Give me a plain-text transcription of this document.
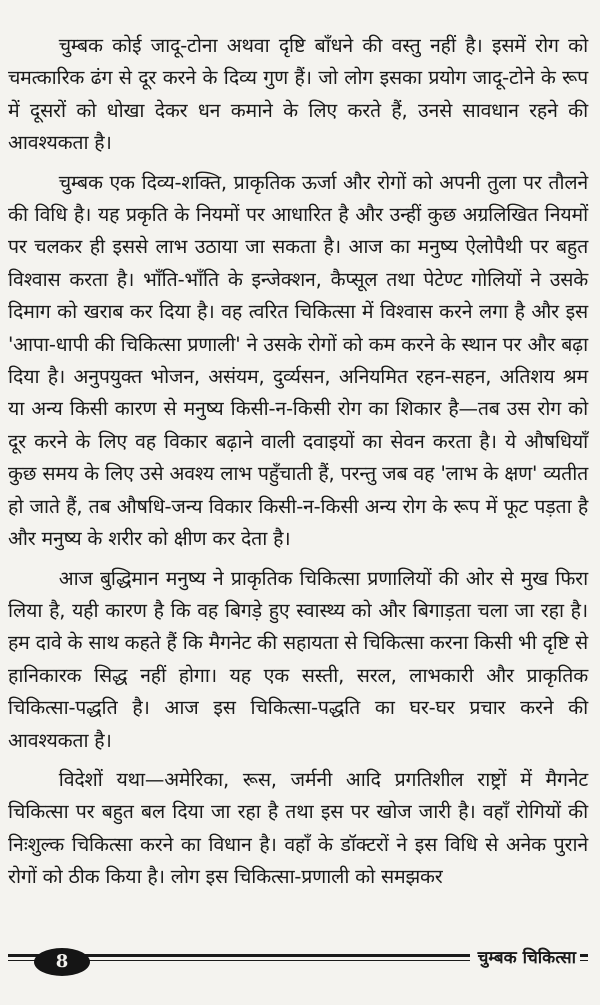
चुम्बक कोई जादू-टोना अथवा दृष्टि बाँधने की वस्तु नहीं है। इसमें रोग को चमत्कारिक ढंग से दूर करने के दिव्य गुण हैं। जो लोग इसका प्रयोग जादू-टोने के रूप में दूसरों को धोखा देकर धन कमाने के लिए करते हैं, उनसे सावधान रहने की आवश्यकता है।

चुम्बक एक दिव्य-शक्ति, प्राकृतिक ऊर्जा और रोगों को अपनी तुला पर तौलने की विधि है। यह प्रकृति के नियमों पर आधारित है और उन्हीं कुछ अग्रलिखित नियमों पर चलकर ही इससे लाभ उठाया जा सकता है। आज का मनुष्य ऐलोपैथी पर बहुत विश्वास करता है। भाँति-भाँति के इन्जेक्शन, कैप्सूल तथा पेटेण्ट गोलियों ने उसके दिमाग को खराब कर दिया है। वह त्वरित चिकित्सा में विश्वास करने लगा है और इस 'आपा-धापी की चिकित्सा प्रणाली' ने उसके रोगों को कम करने के स्थान पर और बढ़ा दिया है। अनुपयुक्त भोजन, असंयम, दुर्व्यसन, अनियमित रहन-सहन, अतिशय श्रम या अन्य किसी कारण से मनुष्य किसी-न-किसी रोग का शिकार है—तब उस रोग को दूर करने के लिए वह विकार बढ़ाने वाली दवाइयों का सेवन करता है। ये औषधियाँ कुछ समय के लिए उसे अवश्य लाभ पहुँचाती हैं, परन्तु जब वह 'लाभ के क्षण' व्यतीत हो जाते हैं, तब औषधि-जन्य विकार किसी-न-किसी अन्य रोग के रूप में फूट पड़ता है और मनुष्य के शरीर को क्षीण कर देता है।

आज बुद्धिमान मनुष्य ने प्राकृतिक चिकित्सा प्रणालियों की ओर से मुख फिरा लिया है, यही कारण है कि वह बिगड़े हुए स्वास्थ्य को और बिगाड़ता चला जा रहा है। हम दावे के साथ कहते हैं कि मैगनेट की सहायता से चिकित्सा करना किसी भी दृष्टि से हानिकारक सिद्ध नहीं होगा। यह एक सस्ती, सरल, लाभकारी और प्राकृतिक चिकित्सा-पद्धति है। आज इस चिकित्सा-पद्धति का घर-घर प्रचार करने की आवश्यकता है।

विदेशों यथा—अमेरिका, रूस, जर्मनी आदि प्रगतिशील राष्ट्रों में मैगनेट चिकित्सा पर बहुत बल दिया जा रहा है तथा इस पर खोज जारी है। वहाँ रोगियों की निःशुल्क चिकित्सा करने का विधान है। वहाँ के डॉक्टरों ने इस विधि से अनेक पुराने रोगों को ठीक किया है। लोग इस चिकित्सा-प्रणाली को समझकर

8	चुम्बक चिकित्सा
